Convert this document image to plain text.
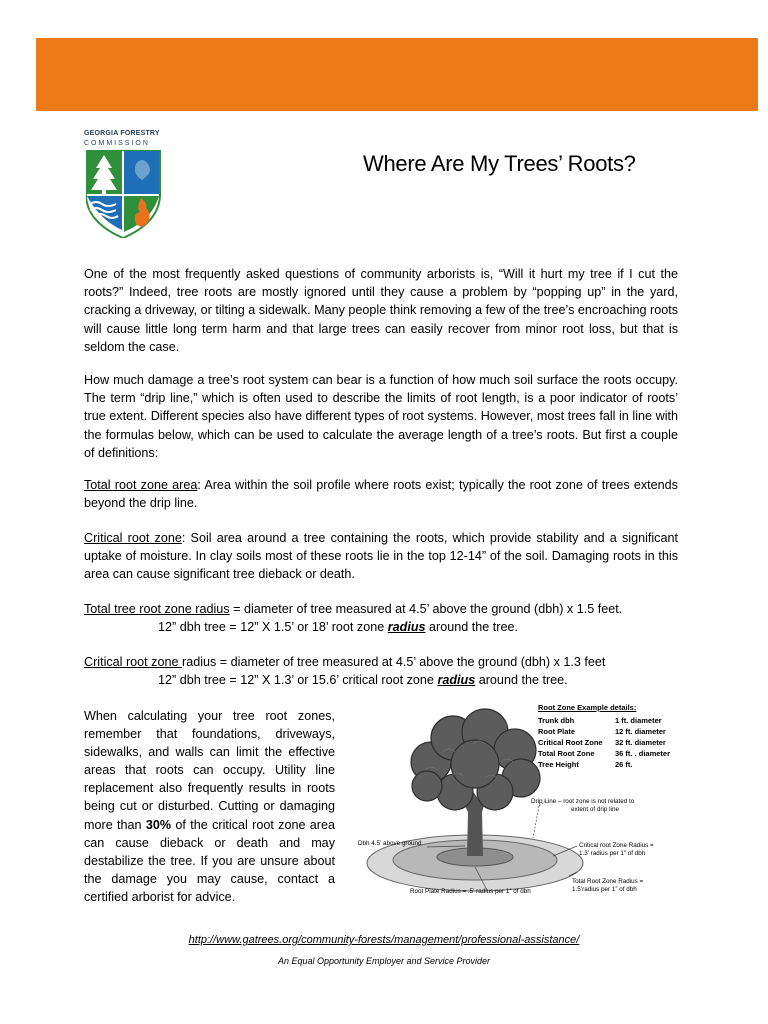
GEORGIA FORESTRY
COMMISSION
Where Are My Trees’ Roots?

One of the most frequently asked questions of community arborists is, “Will it hurt my tree if I cut the roots?” Indeed, tree roots are mostly ignored until they cause a problem by “popping up” in the yard, cracking a driveway, or tilting a sidewalk. Many people think removing a few of the tree’s encroaching roots will cause little long term harm and that large trees can easily recover from minor root loss, but that is seldom the case.

How much damage a tree’s root system can bear is a function of how much soil surface the roots occupy. The term “drip line,” which is often used to describe the limits of root length, is a poor indicator of roots’ true extent. Different species also have different types of root systems. However, most trees fall in line with the formulas below, which can be used to calculate the average length of a tree’s roots. But first a couple of definitions:

Total root zone area: Area within the soil profile where roots exist; typically the root zone of trees extends beyond the drip line.

Critical root zone: Soil area around a tree containing the roots, which provide stability and a significant uptake of moisture. In clay soils most of these roots lie in the top 12-14” of the soil. Damaging roots in this area can cause significant tree dieback or death.

Total tree root zone radius = diameter of tree measured at 4.5’ above the ground (dbh) x 1.5 feet.
12” dbh tree = 12” X 1.5’ or 18’ root zone radius around the tree.
Critical root zone radius = diameter of tree measured at 4.5’ above the ground (dbh) x 1.3 feet
12” dbh tree = 12” X 1.3’ or 15.6’ critical root zone radius around the tree.

When calculating your tree root zones, remember that foundations, driveways, sidewalks, and walls can limit the effective areas that roots can occupy. Utility line replacement also frequently results in roots being cut or disturbed. Cutting or damaging more than 30% of the critical root zone area can cause dieback or death and may destabilize the tree. If you are unsure about the damage you may cause, contact a certified arborist for advice.

Root Zone Example details:
Trunk dbh	1 ft. diameter
Root Plate	12 ft. diameter
Critical Root Zone 32 ft. diameter
Total Root Zone	36 ft. . diameter
Tree Height	26 ft.
Drip Line – root zone is not related to
extent of drip line
Dbh 4.5’ above ground	Critical root Zone Radius =
1.3’ radius per 1” of dbh
Total Root Zone Radius =
1.5’radius per 1” of dbh
Root Plate Radius = .5’ radius per 1” of dbh
http://www.gatrees.org/community-forests/management/professional-assistance/
An Equal Opportunity Employer and Service Provider
